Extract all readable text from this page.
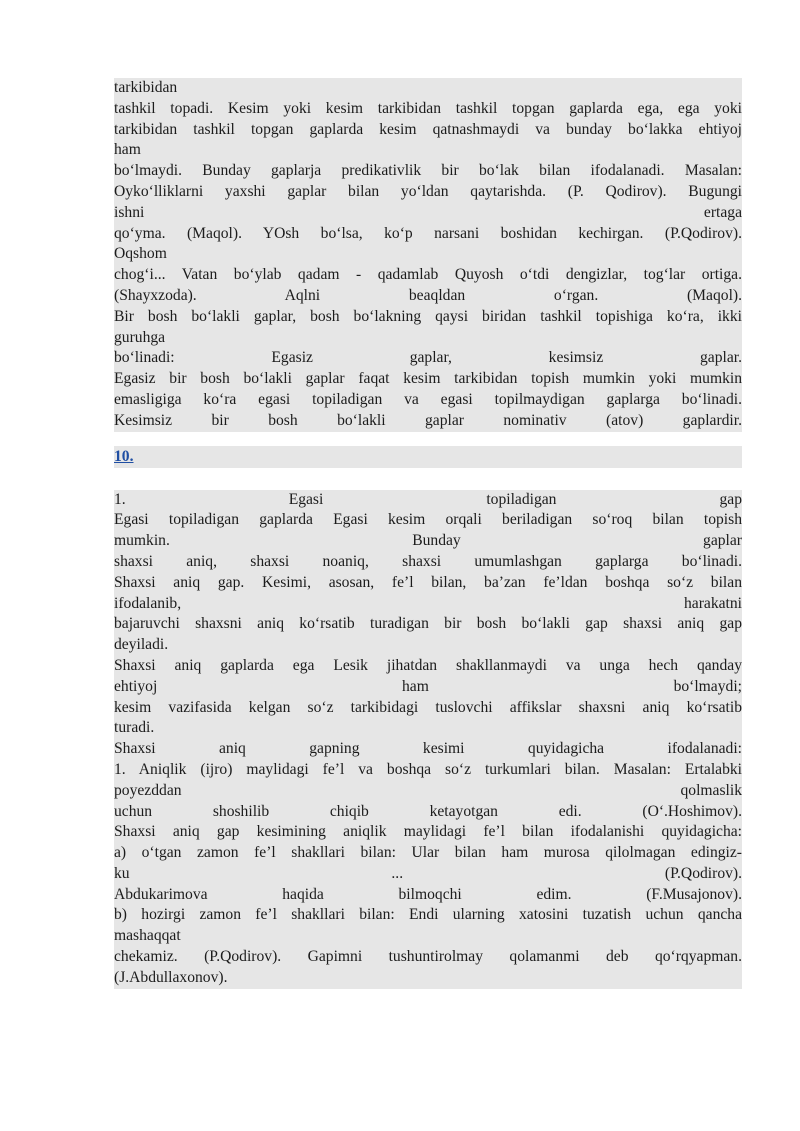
tarkibidan
tashkil topadi. Kesim yoki kesim tarkibidan tashkil topgan gaplarda ega, ega yoki
tarkibidan tashkil topgan gaplarda kesim qatnashmaydi va bunday bo‘lakka ehtiyoj
ham
bo‘lmaydi. Bunday gaplarja predikativlik bir bo‘lak bilan ifodalanadi. Masalan:
Oyko‘lliklarni yaxshi gaplar bilan yo‘ldan qaytarishda. (P. Qodirov). Bugungi
ishni ertaga
qo‘yma. (Maqol). YOsh bo‘lsa, ko‘p narsani boshidan kechirgan. (P.Qodirov).
Oqshom
chog‘i... Vatan bo‘ylab qadam - qadamlab Quyosh o‘tdi dengizlar, tog‘lar ortiga.
(Shayxzoda). Aqlni beaqldan o‘rgan. (Maqol).
Bir bosh bo‘lakli gaplar, bosh bo‘lakning qaysi biridan tashkil topishiga ko‘ra, ikki
guruhga
bo‘linadi: Egasiz gaplar, kesimsiz gaplar.
Egasiz bir bosh bo‘lakli gaplar faqat kesim tarkibidan topish mumkin yoki mumkin
emasligiga ko‘ra egasi topiladigan va egasi topilmaydigan gaplarga bo‘linadi.
Kesimsiz bir bosh bo‘lakli gaplar nominativ (atov) gaplardir.
10.
1. Egasi topiladigan gap
Egasi topiladigan gaplarda Egasi kesim orqali beriladigan so‘roq bilan topish
mumkin. Bunday gaplar
shaxsi aniq, shaxsi noaniq, shaxsi umumlashgan gaplarga bo‘linadi.
Shaxsi aniq gap. Kesimi, asosan, fe’l bilan, ba’zan fe’ldan boshqa so‘z bilan
ifodalanib, harakatni
bajaruvchi shaxsni aniq ko‘rsatib turadigan bir bosh bo‘lakli gap shaxsi aniq gap
deyiladi.
Shaxsi aniq gaplarda ega Lesik jihatdan shakllanmaydi va unga hech qanday
ehtiyoj ham bo‘lmaydi;
kesim vazifasida kelgan so‘z tarkibidagi tuslovchi affikslar shaxsni aniq ko‘rsatib
turadi.
Shaxsi aniq gapning kesimi quyidagicha ifodalanadi:
1. Aniqlik (ijro) maylidagi fe’l va boshqa so‘z turkumlari bilan. Masalan: Ertalabki
poyezddan qolmaslik
uchun shoshilib chiqib ketayotgan edi. (O‘.Hoshimov).
Shaxsi aniq gap kesimining aniqlik maylidagi fe’l bilan ifodalanishi quyidagicha:
a) o‘tgan zamon fe’l shakllari bilan: Ular bilan ham murosa qilolmagan edingiz-
ku ... (P.Qodirov).
Abdukarimova haqida bilmoqchi edim. (F.Musajonov).
b) hozirgi zamon fe’l shakllari bilan: Endi ularning xatosini tuzatish uchun qancha
mashaqqat
chekamiz. (P.Qodirov). Gapimni tushuntirolmay qolamanmi deb qo‘rqyapman.
(J.Abdullaxonov).
